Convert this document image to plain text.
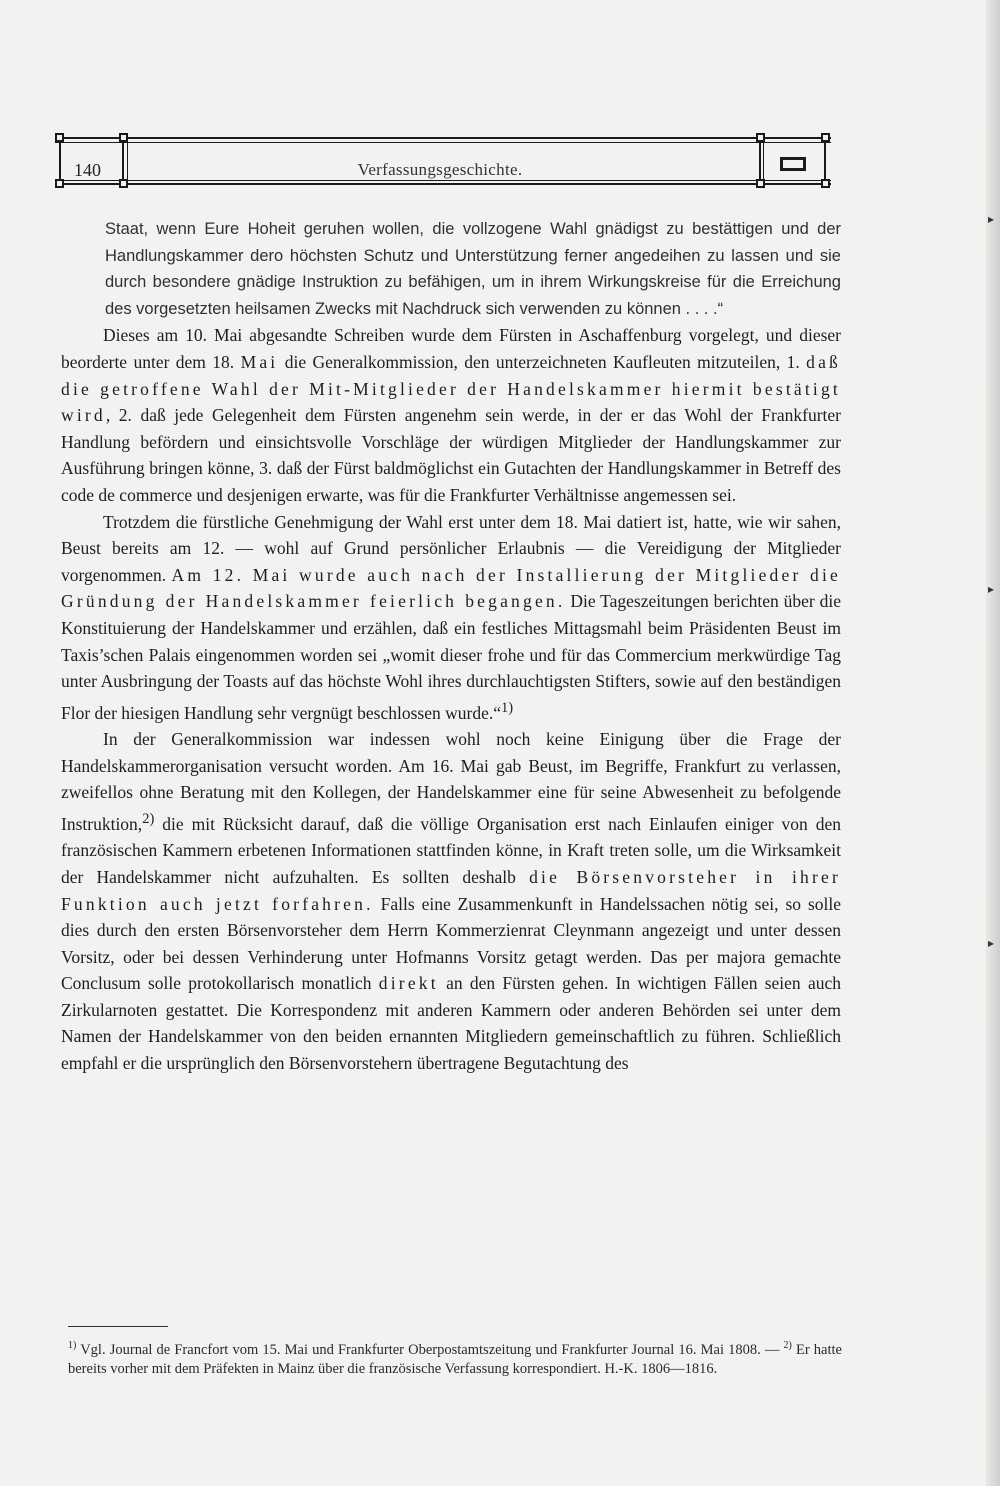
▸
▸
▸
140	Verfassungsgeschichte.

Staat, wenn Eure Hoheit geruhen wollen, die vollzogene Wahl gnädigst zu bestättigen und der Handlungskammer dero höchsten Schutz und Unterstützung ferner angedeihen zu lassen und sie durch besondere gnädige Instruktion zu befähigen, um in ihrem Wirkungskreise für die Erreichung des vorgesetzten heilsamen Zwecks mit Nachdruck sich verwenden zu können . . . .“

Dieses am 10. Mai abgesandte Schreiben wurde dem Fürsten in Aschaffenburg vorgelegt, und dieser beorderte unter dem 18. Mai die Generalkommission, den unterzeichneten Kaufleuten mitzuteilen, 1. daß die getroffene Wahl der Mit-Mitglieder der Handelskammer hiermit bestätigt wird, 2. daß jede Gelegenheit dem Fürsten angenehm sein werde, in der er das Wohl der Frankfurter Handlung befördern und einsichtsvolle Vorschläge der würdigen Mitglieder der Handlungskammer zur Ausführung bringen könne, 3. daß der Fürst baldmöglichst ein Gutachten der Handlungskammer in Betreff des code de commerce und desjenigen erwarte, was für die Frankfurter Verhältnisse angemessen sei.

Trotzdem die fürstliche Genehmigung der Wahl erst unter dem 18. Mai datiert ist, hatte, wie wir sahen, Beust bereits am 12. — wohl auf Grund persönlicher Erlaubnis — die Vereidigung der Mitglieder vorgenommen. Am 12. Mai wurde auch nach der Installierung der Mitglieder die Gründung der Handelskammer feierlich begangen. Die Tageszeitungen berichten über die Konstituierung der Handelskammer und erzählen, daß ein festliches Mittagsmahl beim Präsidenten Beust im Taxis’schen Palais eingenommen worden sei „womit dieser frohe und für das Commercium merkwürdige Tag unter Ausbringung der Toasts auf das höchste Wohl ihres durchlauchtigsten Stifters, sowie auf den beständigen Flor der hiesigen Handlung sehr vergnügt beschlossen wurde.“$^{1)}$

In der Generalkommission war indessen wohl noch keine Einigung über die Frage der Handelskammerorganisation versucht worden. Am 16. Mai gab Beust, im Begriffe, Frankfurt zu verlassen, zweifellos ohne Beratung mit den Kollegen, der Handelskammer eine für seine Abwesenheit zu befolgende Instruktion,$^{2)}$ die mit Rücksicht darauf, daß die völlige Organisation erst nach Einlaufen einiger von den französischen Kammern erbetenen Informationen stattfinden könne, in Kraft treten solle, um die Wirksamkeit der Handelskammer nicht aufzuhalten. Es sollten deshalb die Börsenvorsteher in ihrer Funktion auch jetzt forfahren. Falls eine Zusammenkunft in Handelssachen nötig sei, so solle dies durch den ersten Börsenvorsteher dem Herrn Kommerzienrat Cleynmann angezeigt und unter dessen Vorsitz, oder bei dessen Verhinderung unter Hofmanns Vorsitz getagt werden. Das per majora gemachte Conclusum solle protokollarisch monatlich direkt an den Fürsten gehen. In wichtigen Fällen seien auch Zirkularnoten gestattet. Die Korrespondenz mit anderen Kammern oder anderen Behörden sei unter dem Namen der Handelskammer von den beiden ernannten Mitgliedern gemeinschaftlich zu führen. Schließlich empfahl er die ursprünglich den Börsenvorstehern übertragene Begutachtung des

$^{1)}$ Vgl. Journal de Francfort vom 15. Mai und Frankfurter Oberpostamtszeitung und Frankfurter Journal 16. Mai 1808. — $^{2)}$ Er hatte bereits vorher mit dem Präfekten in Mainz über die französische Verfassung korrespondiert. H.-K. 1806—1816.
